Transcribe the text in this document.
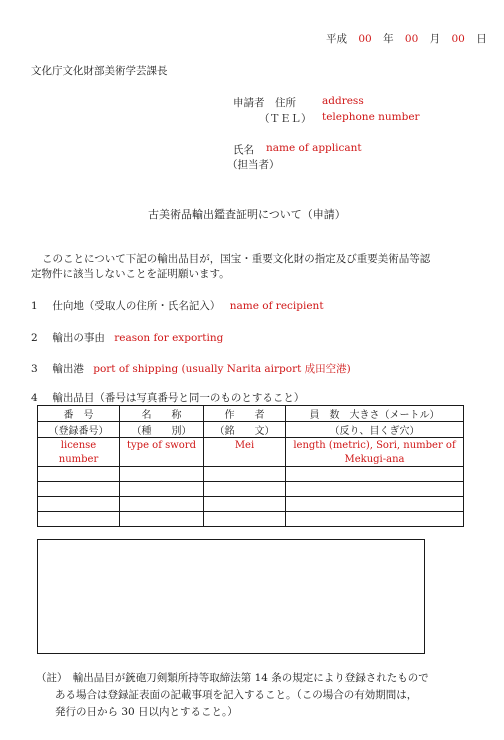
平成 00 年 00 月 00 日
文化庁文化財部美術学芸課長
申請者　住所 address
（ＴＥＬ） telephone number
氏名 name of applicant
（担当者）
古美術品輸出鑑査証明について（申請）
このことについて下記の輸出品目が，国宝・重要文化財の指定及び重要美術品等認
定物件に該当しないことを証明願います。
1 仕向地（受取人の住所・氏名記入） name of recipient
2 輸出の事由 reason for exporting
3 輸出港 port of shipping (usually Narita airport 成田空港)
4 輸出品目（番号は写真番号と同一のものとすること）
番　号	名　　称	作　　者	員　数　大きさ（メートル）
（登録番号）	（種　　別）	（銘　　文）	（反り、目くぎ穴）
license	type of sword	Mei	length (metric), Sori, number of
number			Mekugi-ana

（註）　輸出品目が銃砲刀剣類所持等取締法第 14 条の規定により登録されたもので
ある場合は登録証表面の記載事項を記入すること。（この場合の有効期間は，
発行の日から 30 日以内とすること。）
